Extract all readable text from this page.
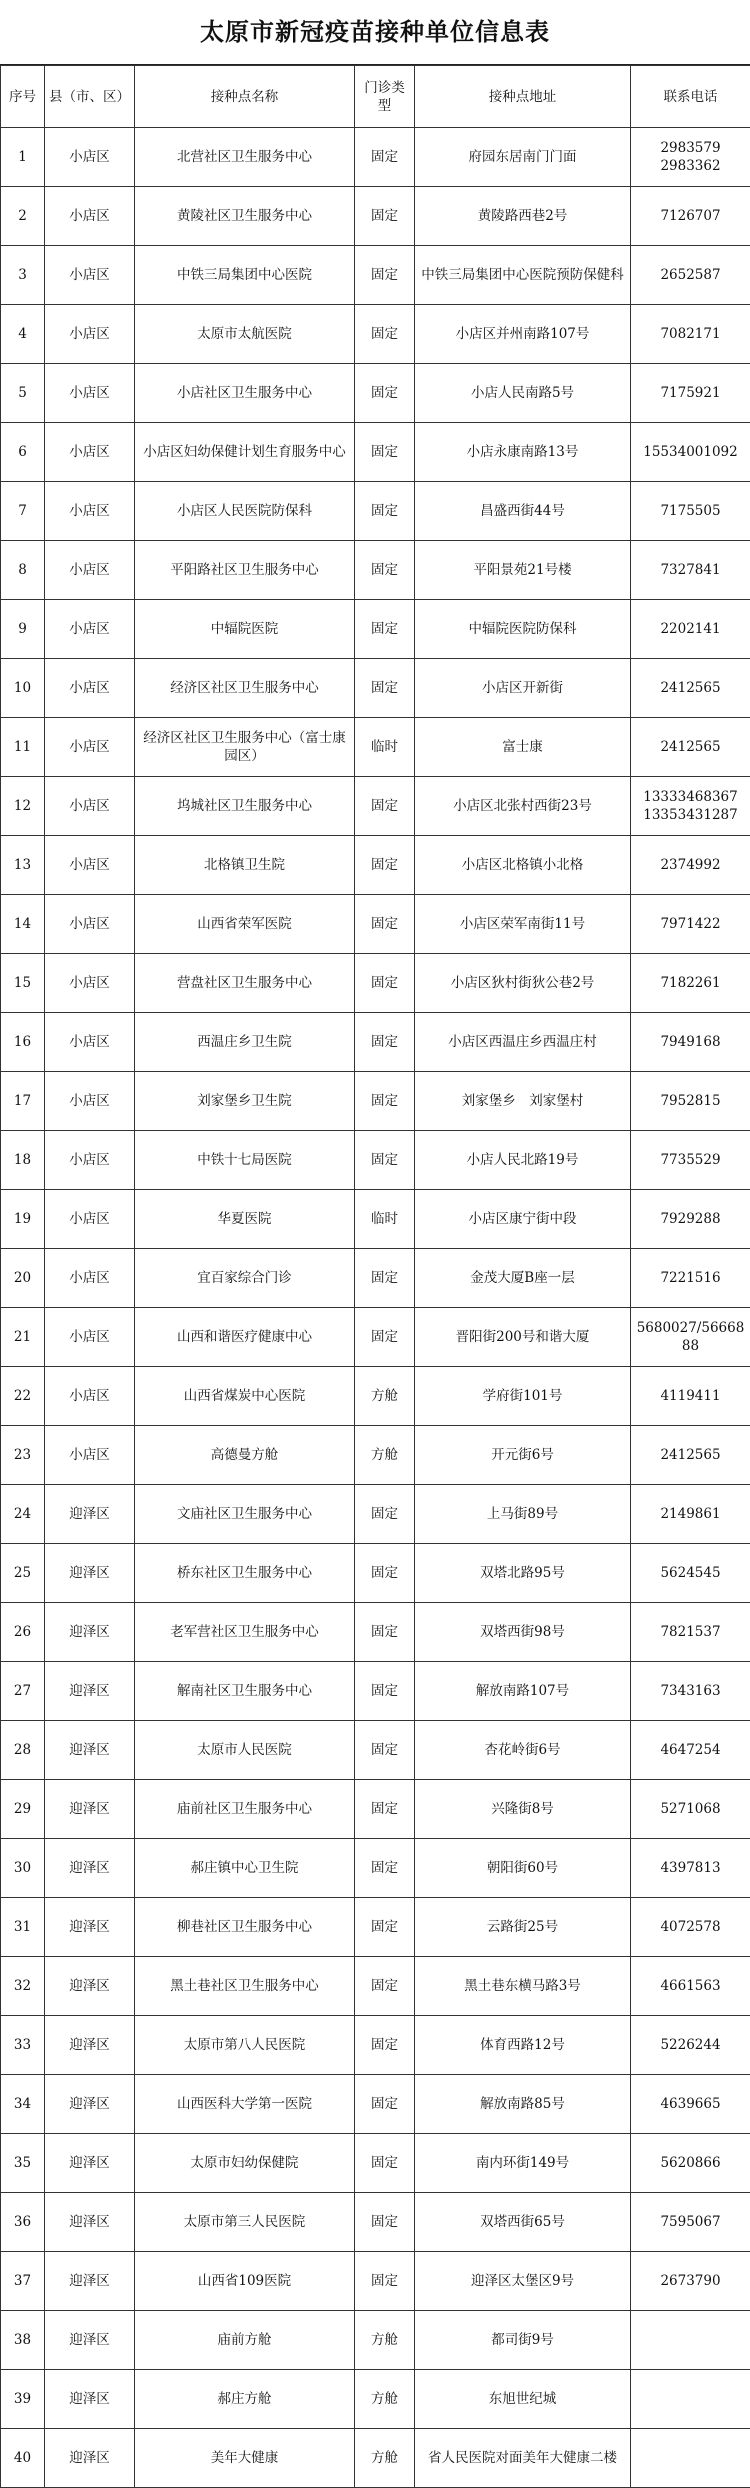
太原市新冠疫苗接种单位信息表
序号	县（市、区）	接种点名称	门诊类型	接种点地址	联系电话
1	小店区	北营社区卫生服务中心	固定	府园东居南门门面	2983579
2983362
2	小店区	黄陵社区卫生服务中心	固定	黄陵路西巷2号	7126707
3	小店区	中铁三局集团中心医院	固定	中铁三局集团中心医院预防保健科	2652587
4	小店区	太原市太航医院	固定	小店区并州南路107号	7082171
5	小店区	小店社区卫生服务中心	固定	小店人民南路5号	7175921
6	小店区	小店区妇幼保健计划生育服务中心	固定	小店永康南路13号	15534001092
7	小店区	小店区人民医院防保科	固定	昌盛西街44号	7175505
8	小店区	平阳路社区卫生服务中心	固定	平阳景苑21号楼	7327841
9	小店区	中辐院医院	固定	中辐院医院防保科	2202141
10	小店区	经济区社区卫生服务中心	固定	小店区开新街	2412565
11	小店区	经济区社区卫生服务中心（富士康园区）	临时	富士康	2412565
12	小店区	坞城社区卫生服务中心	固定	小店区北张村西街23号	13333468367
13353431287
13	小店区	北格镇卫生院	固定	小店区北格镇小北格	2374992
14	小店区	山西省荣军医院	固定	小店区荣军南街11号	7971422
15	小店区	营盘社区卫生服务中心	固定	小店区狄村街狄公巷2号	7182261
16	小店区	西温庄乡卫生院	固定	小店区西温庄乡西温庄村	7949168
17	小店区	刘家堡乡卫生院	固定	刘家堡乡　刘家堡村	7952815
18	小店区	中铁十七局医院	固定	小店人民北路19号	7735529
19	小店区	华夏医院	临时	小店区康宁街中段	7929288
20	小店区	宜百家综合门诊	固定	金茂大厦B座一层	7221516
21	小店区	山西和谐医疗健康中心	固定	晋阳街200号和谐大厦	5680027/5666888
22	小店区	山西省煤炭中心医院	方舱	学府街101号	4119411
23	小店区	高德曼方舱	方舱	开元街6号	2412565
24	迎泽区	文庙社区卫生服务中心	固定	上马街89号	2149861
25	迎泽区	桥东社区卫生服务中心	固定	双塔北路95号	5624545
26	迎泽区	老军营社区卫生服务中心	固定	双塔西街98号	7821537
27	迎泽区	解南社区卫生服务中心	固定	解放南路107号	7343163
28	迎泽区	太原市人民医院	固定	杏花岭街6号	4647254
29	迎泽区	庙前社区卫生服务中心	固定	兴隆街8号	5271068
30	迎泽区	郝庄镇中心卫生院	固定	朝阳街60号	4397813
31	迎泽区	柳巷社区卫生服务中心	固定	云路街25号	4072578
32	迎泽区	黑土巷社区卫生服务中心	固定	黑土巷东横马路3号	4661563
33	迎泽区	太原市第八人民医院	固定	体育西路12号	5226244
34	迎泽区	山西医科大学第一医院	固定	解放南路85号	4639665
35	迎泽区	太原市妇幼保健院	固定	南内环街149号	5620866
36	迎泽区	太原市第三人民医院	固定	双塔西街65号	7595067
37	迎泽区	山西省109医院	固定	迎泽区太堡区9号	2673790
38	迎泽区	庙前方舱	方舱	都司街9号	
39	迎泽区	郝庄方舱	方舱	东旭世纪城	
40	迎泽区	美年大健康	方舱	省人民医院对面美年大健康二楼	
